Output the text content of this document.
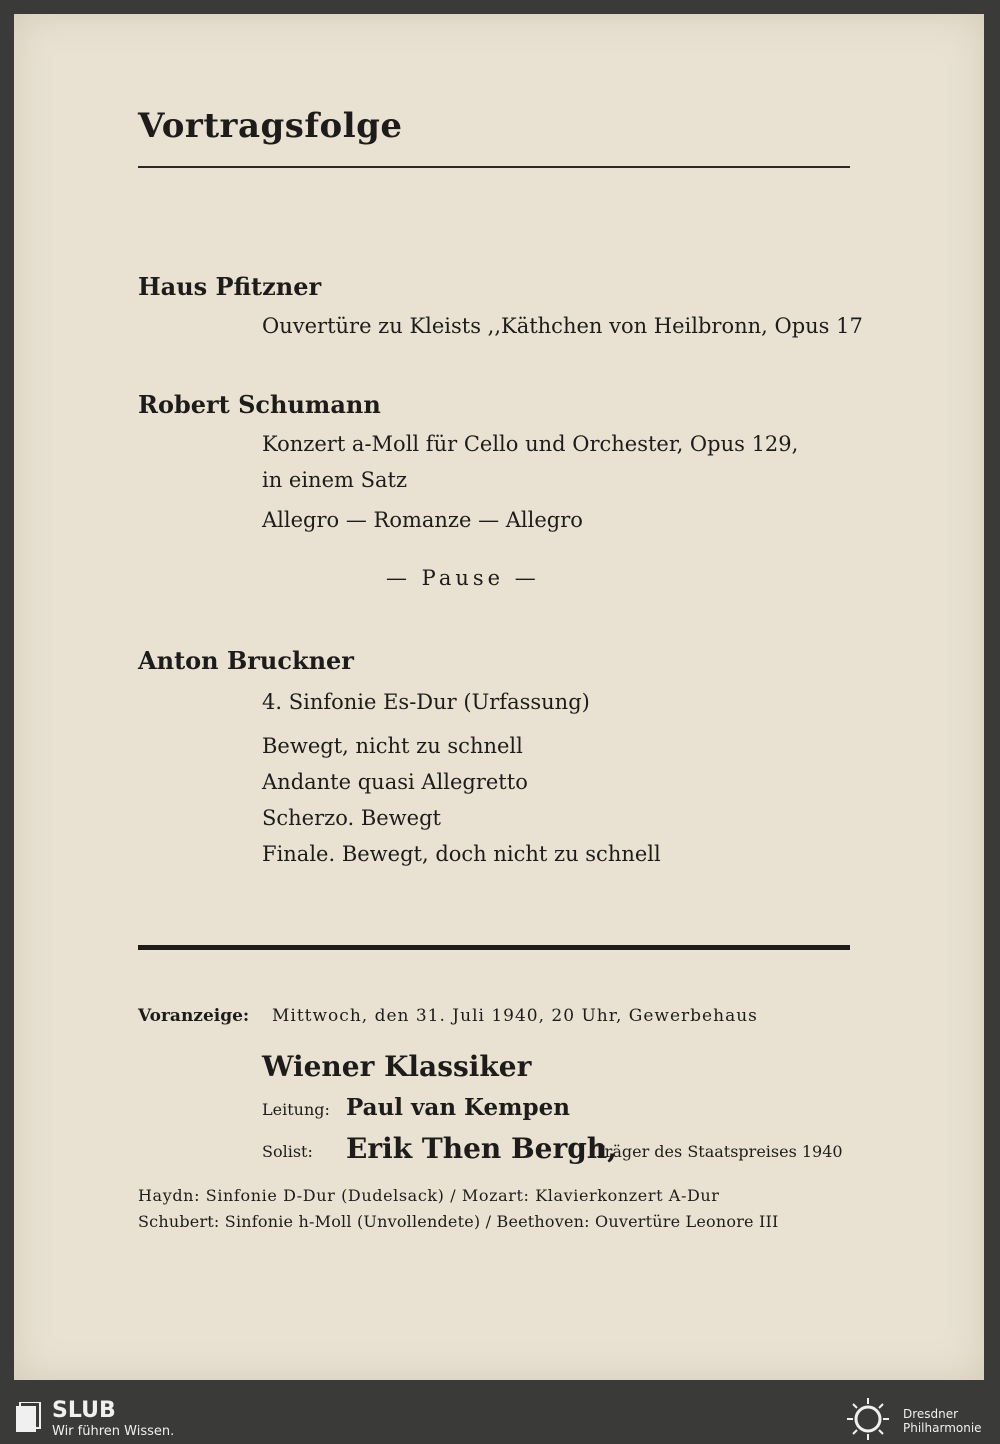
Vortragsfolge
Haus Pfitzner
Ouvertüre zu Kleists ,,Käthchen von Heilbronn, Opus 17
Robert Schumann
Konzert a-Moll für Cello und Orchester, Opus 129,
in einem Satz
Allegro — Romanze — Allegro
— Pause —
Anton Bruckner
4. Sinfonie Es-Dur (Urfassung)
Bewegt, nicht zu schnell
Andante quasi Allegretto
Scherzo. Bewegt
Finale. Bewegt, doch nicht zu schnell
Voranzeige: Mittwoch, den 31. Juli 1940, 20 Uhr, Gewerbehaus
Wiener Klassiker
Leitung: Paul van Kempen
Solist: Erik Then Bergh,
Träger des Staatspreises 1940
Haydn: Sinfonie D-Dur (Dudelsack) / Mozart: Klavierkonzert A-Dur
Schubert: Sinfonie h-Moll (Unvollendete) / Beethoven: Ouvertüre Leonore III
SLUB
Wir führen Wissen.
Dresdner
Philharmonie
